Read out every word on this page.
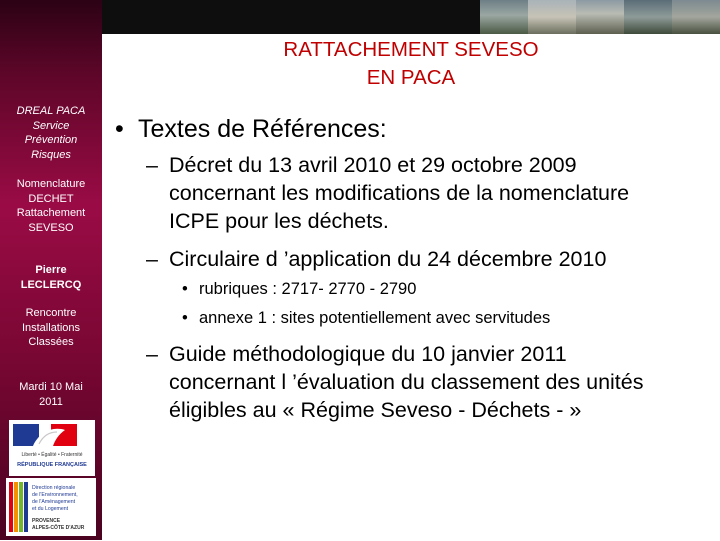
DREAL PACA
Service
Prévention
Risques
Nomenclature
DECHET
Rattachement
SEVESO
Pierre
LECLERCQ
Rencontre
Installations
Classées
Mardi 10 Mai
2011
Liberté • Égalité • Fraternité
RÉPUBLIQUE FRANÇAISE
Direction régionale
de l'Environnement,
de l'Aménagement
et du Logement
PROVENCE
ALPES-CÔTE D'AZUR
RATTACHEMENT SEVESO
EN PACA
• Textes de Références:
– Décret du 13 avril 2010 et 29 octobre 2009
concernant les modifications de la nomenclature
ICPE pour les déchets.
– Circulaire d ’application du 24 décembre 2010
• rubriques : 2717- 2770 - 2790
• annexe 1 : sites potentiellement avec servitudes
– Guide méthodologique du 10 janvier 2011
concernant l ’évaluation du classement des unités
éligibles au « Régime Seveso - Déchets - »
